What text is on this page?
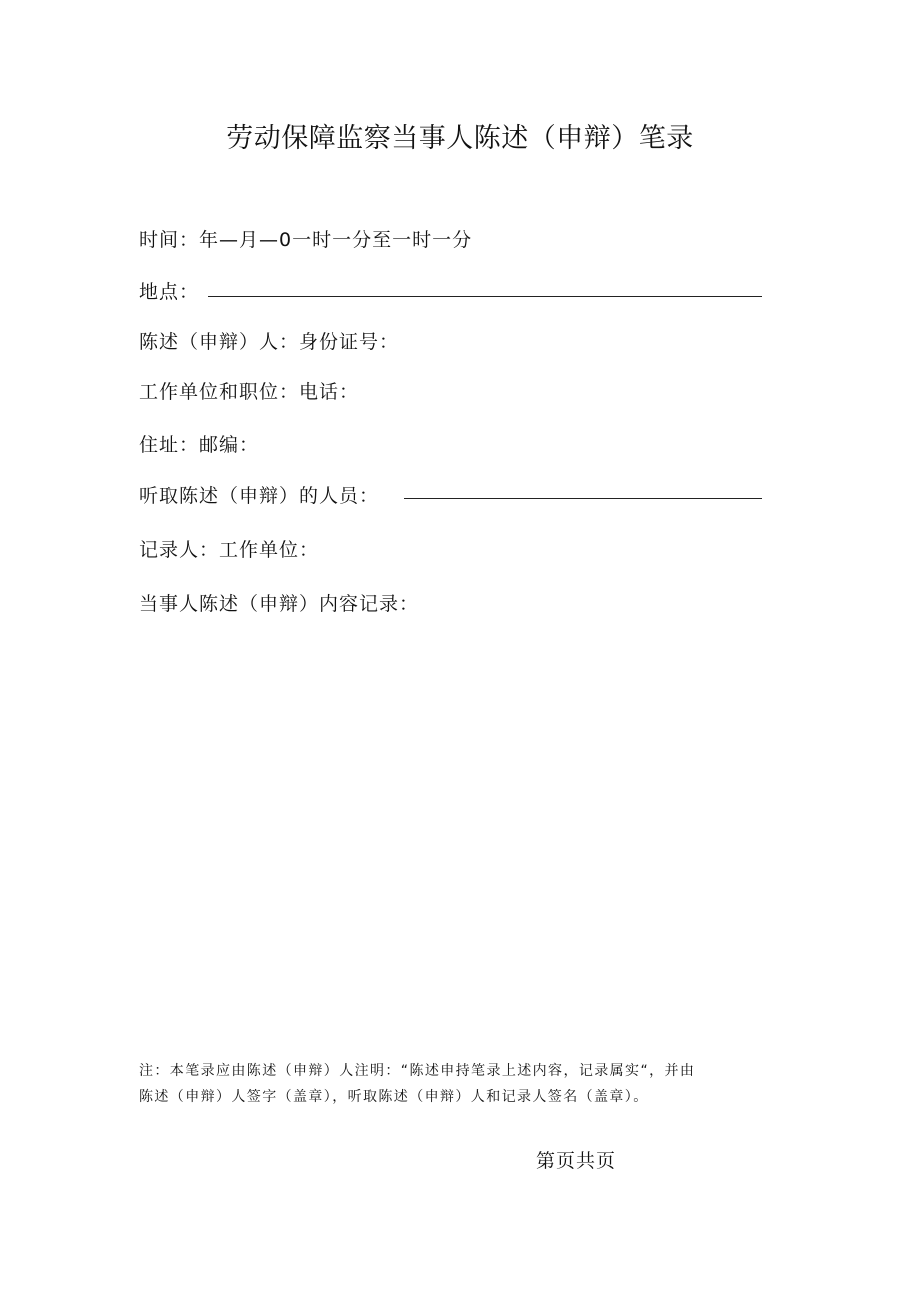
劳动保障监察当事人陈述（申辩）笔录
时间：年—月—0一时一分至一时一分
地点：
陈述（申辩）人：身份证号：
工作单位和职位：电话：
住址：邮编：
听取陈述（申辩）的人员：
记录人：工作单位：
当事人陈述（申辩）内容记录：

注：本笔录应由陈述（申辩）人注明：“陈述申持笔录上述内容，记录属实“，并由

陈述（申辩）人签字（盖章），听取陈述（申辩）人和记录人签名（盖章）。

第页共页
